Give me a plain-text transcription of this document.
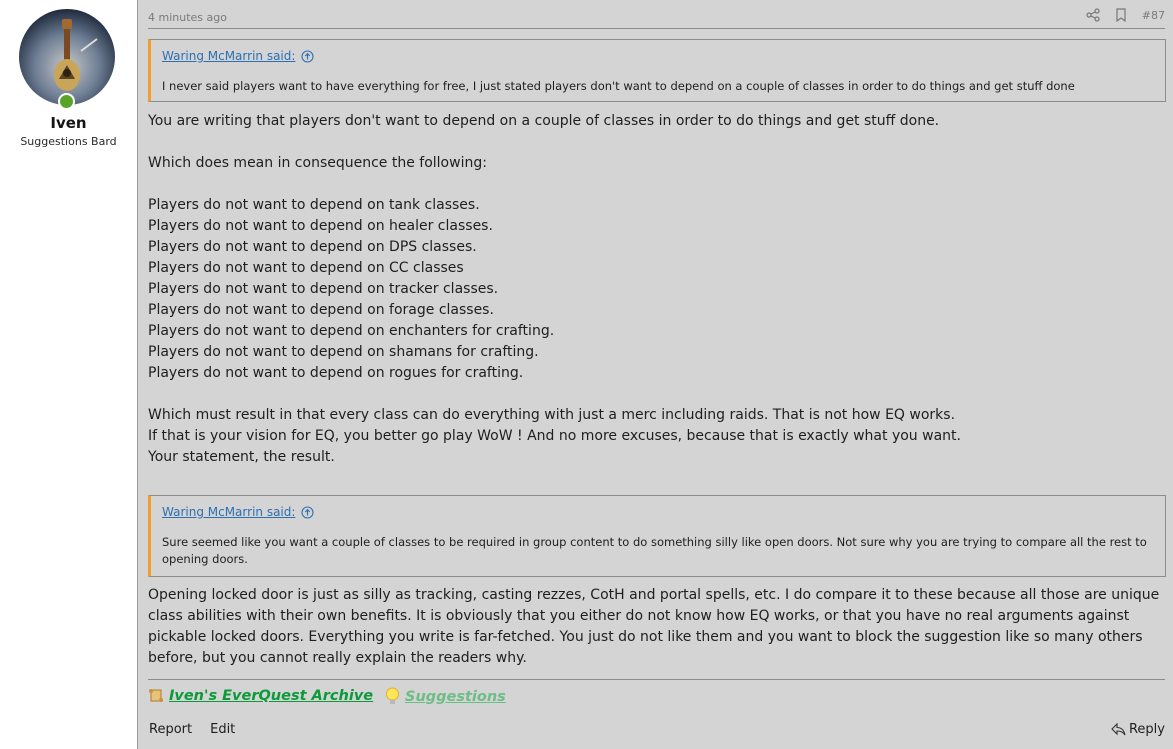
Iven
Suggestions Bard
4 minutes ago	#87
Waring McMarrin said:
I never said players want to have everything for free, I just stated players don't want to depend on a couple of classes in order to do things and get stuff done
You are writing that players don't want to depend on a couple of classes in order to do things and get stuff done.
Which does mean in consequence the following:
Players do not want to depend on tank classes.
Players do not want to depend on healer classes.
Players do not want to depend on DPS classes.
Players do not want to depend on CC classes
Players do not want to depend on tracker classes.
Players do not want to depend on forage classes.
Players do not want to depend on enchanters for crafting.
Players do not want to depend on shamans for crafting.
Players do not want to depend on rogues for crafting.
Which must result in that every class can do everything with just a merc including raids. That is not how EQ works.
If that is your vision for EQ, you better go play WoW ! And no more excuses, because that is exactly what you want.
Your statement, the result.
Waring McMarrin said:
Sure seemed like you want a couple of classes to be required in group content to do something silly like open doors. Not sure why you are trying to compare all the rest to opening doors.
Opening locked door is just as silly as tracking, casting rezzes, CotH and portal spells, etc. I do compare it to these because all those are unique class abilities with their own benefits. It is obviously that you either do not know how EQ works, or that you have no real arguments against pickable locked doors. Everything you write is far-fetched. You just do not like them and you want to block the suggestion like so many others before, but you cannot really explain the readers why.
Iven's EverQuest Archive Suggestions
Report Edit	Reply
